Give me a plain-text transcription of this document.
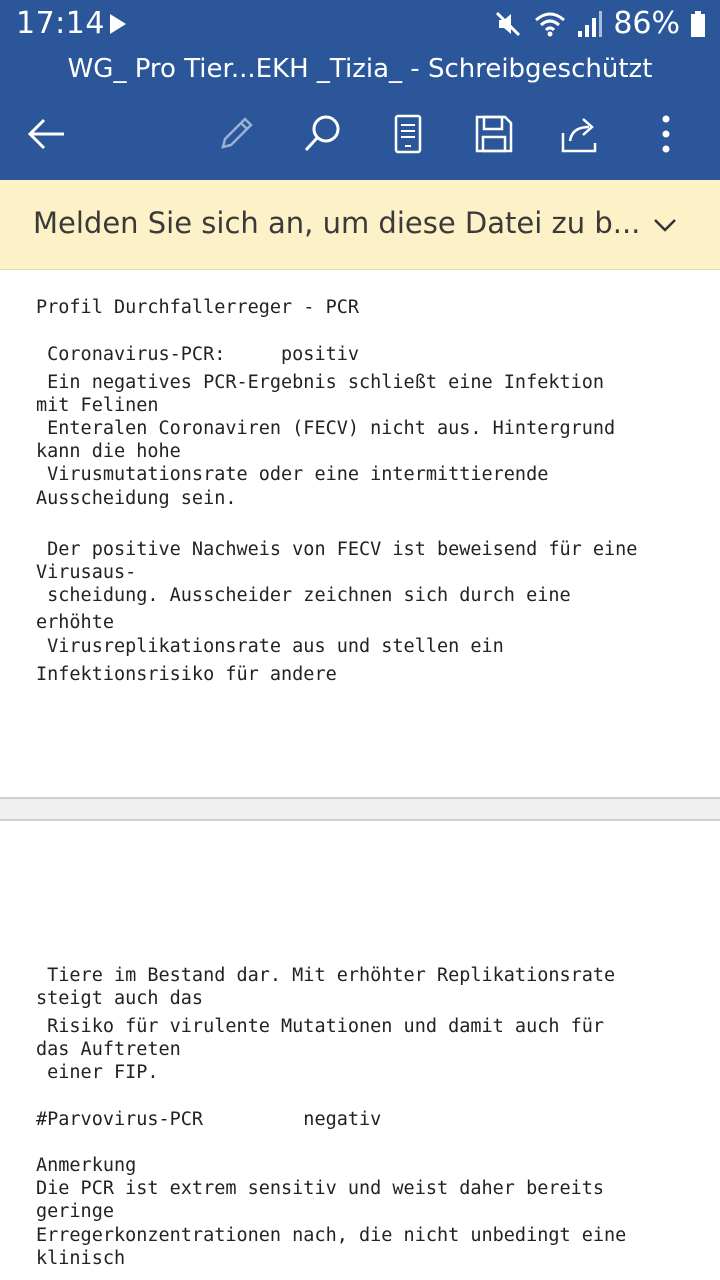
17:14	86%
WG_ Pro Tier...EKH _Tizia_ - Schreibgeschützt
Melden Sie sich an, um diese Datei zu b...
Profil Durchfallerreger - PCR
Coronavirus-PCR:     positiv
Ein negatives PCR-Ergebnis schließt eine Infektion
mit Felinen
Enteralen Coronaviren (FECV) nicht aus. Hintergrund
kann die hohe
Virusmutationsrate oder eine intermittierende
Ausscheidung sein.
Der positive Nachweis von FECV ist beweisend für eine
Virusaus-
scheidung. Ausscheider zeichnen sich durch eine
erhöhte
Virusreplikationsrate aus und stellen ein
Infektionsrisiko für andere
Tiere im Bestand dar. Mit erhöhter Replikationsrate
steigt auch das
Risiko für virulente Mutationen und damit auch für
das Auftreten
einer FIP.
#Parvovirus-PCR         negativ
Anmerkung
Die PCR ist extrem sensitiv und weist daher bereits
geringe
Erregerkonzentrationen nach, die nicht unbedingt eine
klinisch
